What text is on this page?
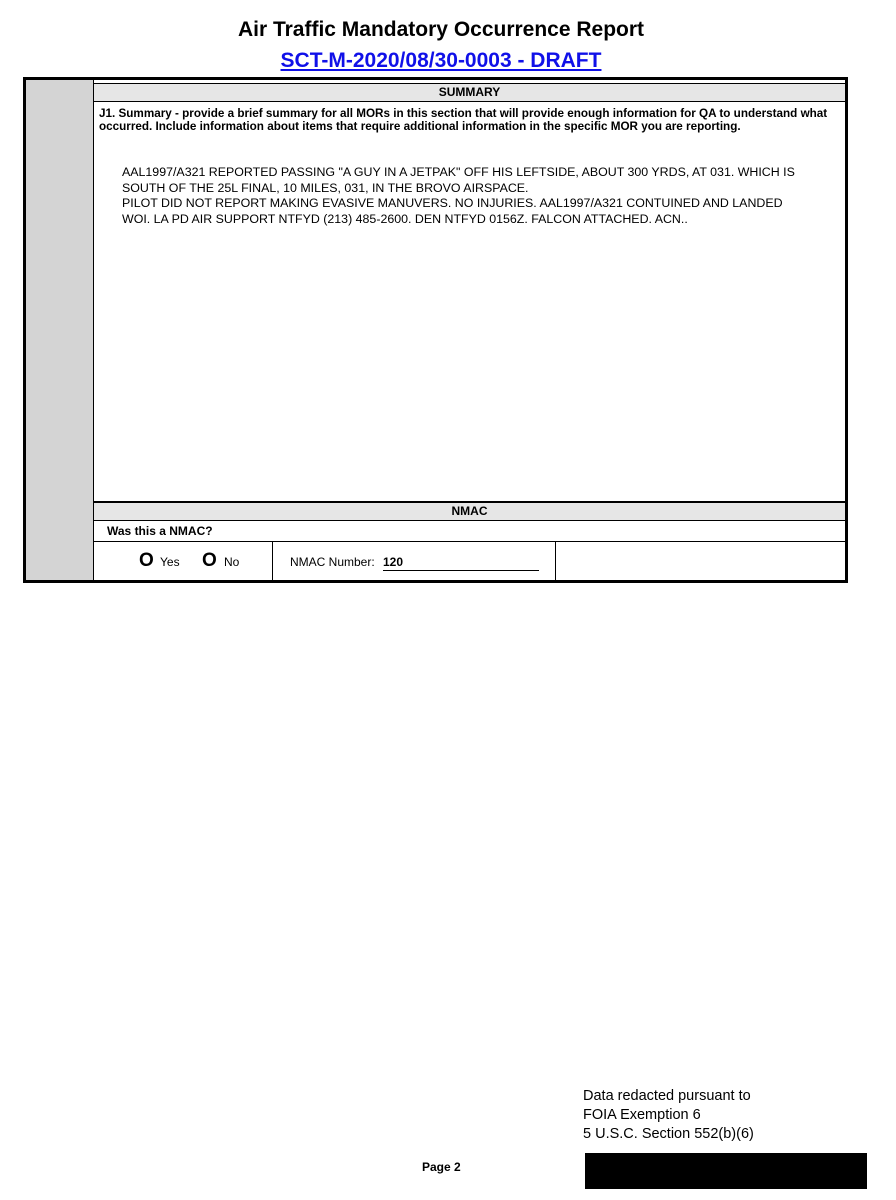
Air Traffic Mandatory Occurrence Report
SCT-M-2020/08/30-0003 - DRAFT
SUMMARY
J1. Summary - provide a brief summary for all MORs in this section that will provide enough information for QA to understand what occurred. Include information about items that require additional information in the specific MOR you are reporting.
AAL1997/A321 REPORTED PASSING "A GUY IN A JETPAK" OFF HIS LEFTSIDE, ABOUT 300 YRDS, AT 031. WHICH IS
SOUTH OF THE 25L FINAL, 10 MILES, 031, IN THE BROVO AIRSPACE.
PILOT DID NOT REPORT MAKING EVASIVE MANUVERS. NO INJURIES. AAL1997/A321 CONTUINED AND LANDED
WOI. LA PD AIR SUPPORT NTFYD (213) 485-2600. DEN NTFYD 0156Z. FALCON ATTACHED. ACN..
NMAC
Was this a NMAC?
O Yes O No	NMAC Number: 120
Data redacted pursuant to
FOIA Exemption 6
5 U.S.C. Section 552(b)(6)
Page 2
